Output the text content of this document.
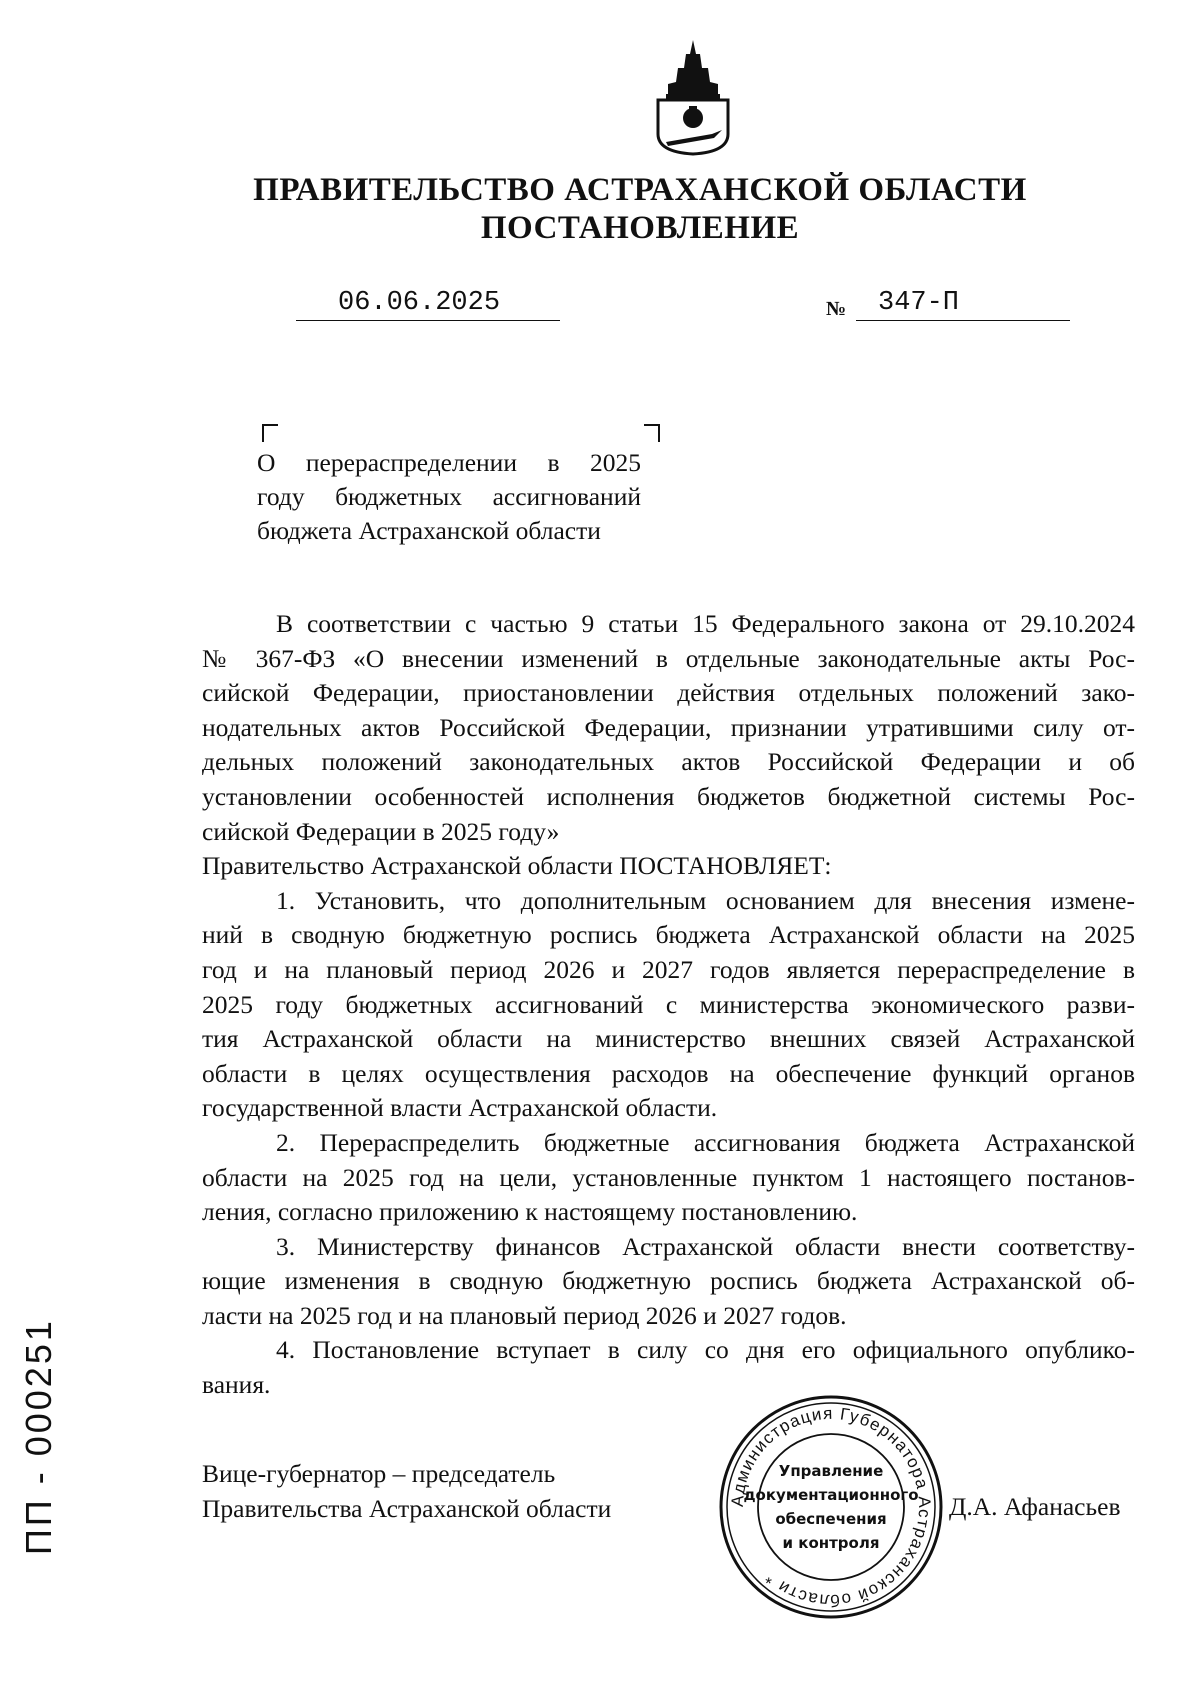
ПРАВИТЕЛЬСТВО АСТРАХАНСКОЙ ОБЛАСТИ
ПОСТАНОВЛЕНИЕ
06.06.2025	№ 347-П
О перераспределении в 2025
году бюджетных ассигнований
бюджета Астраханской области
В соответствии с частью 9 статьи 15 Федерального закона от 29.10.2024
№ 367-ФЗ «О внесении изменений в отдельные законодательные акты Рос-
сийской Федерации, приостановлении действия отдельных положений зако-
нодательных актов Российской Федерации, признании утратившими силу от-
дельных положений законодательных актов Российской Федерации и об
установлении особенностей исполнения бюджетов бюджетной системы Рос-
сийской Федерации в 2025 году»
Правительство Астраханской области ПОСТАНОВЛЯЕТ:
1. Установить, что дополнительным основанием для внесения измене-
ний в сводную бюджетную роспись бюджета Астраханской области на 2025
год и на плановый период 2026 и 2027 годов является перераспределение в
2025 году бюджетных ассигнований с министерства экономического разви-
тия Астраханской области на министерство внешних связей Астраханской
области в целях осуществления расходов на обеспечение функций органов
государственной власти Астраханской области.
2. Перераспределить бюджетные ассигнования бюджета Астраханской
области на 2025 год на цели, установленные пунктом 1 настоящего постанов-
ления, согласно приложению к настоящему постановлению.
3. Министерству финансов Астраханской области внести соответству-
ющие изменения в сводную бюджетную роспись бюджета Астраханской об-
ласти на 2025 год и на плановый период 2026 и 2027 годов.
4. Постановление вступает в силу со дня его официального опублико-
вания.
Вице-губернатор – председатель
Правительства Астраханской области	Д.А. Афанасьев
Администрация Губернатора Астраханской области *
Управление
документационного
обеспечения
и контроля
ПП - 000251
